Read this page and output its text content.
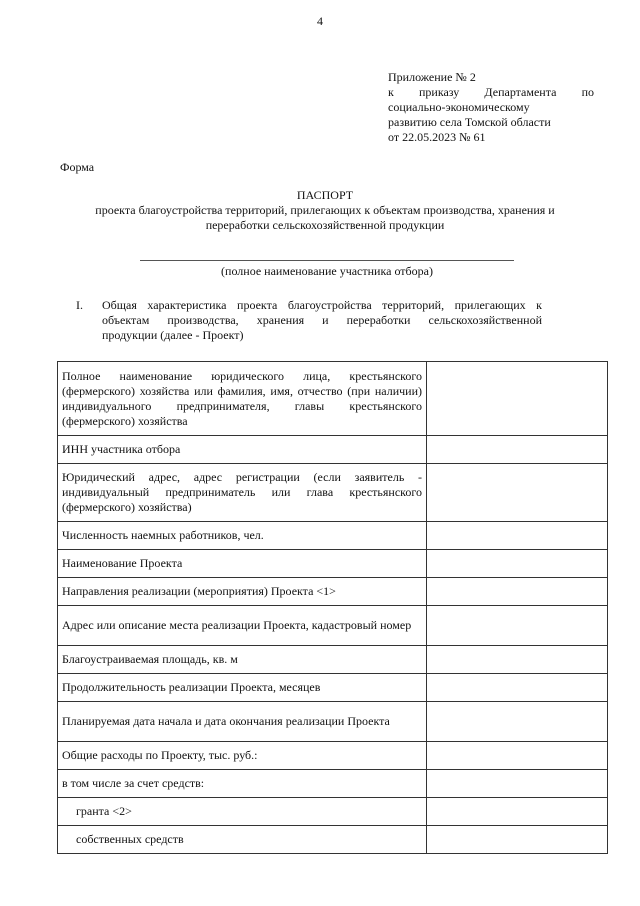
4
Приложение № 2
к приказу Департамента по
социально-экономическому
развитию села Томской области
от 22.05.2023 № 61
Форма
ПАСПОРТ
проекта благоустройства территорий, прилегающих к объектам производства, хранения и
переработки сельскохозяйственной продукции
(полное наименование участника отбора)
I. Общая характеристика проекта благоустройства территорий, прилегающих к
объектам производства, хранения и переработки сельскохозяйственной
продукции (далее - Проект)
Полное наименование юридического лица, крестьянского (фермерского) хозяйства или фамилия, имя, отчество (при наличии) индивидуального предпринимателя, главы крестьянского (фермерского) хозяйства	
ИНН участника отбора	
Юридический адрес, адрес регистрации (если заявитель - индивидуальный предприниматель или глава крестьянского (фермерского) хозяйства)	
Численность наемных работников, чел.	
Наименование Проекта	
Направления реализации (мероприятия) Проекта <1>	
Адрес или описание места реализации Проекта, кадастровый номер	
Благоустраиваемая площадь, кв. м	
Продолжительность реализации Проекта, месяцев	
Планируемая дата начала и дата окончания реализации Проекта	
Общие расходы по Проекту, тыс. руб.:	
в том числе за счет средств:	
гранта <2>	
собственных средств	
